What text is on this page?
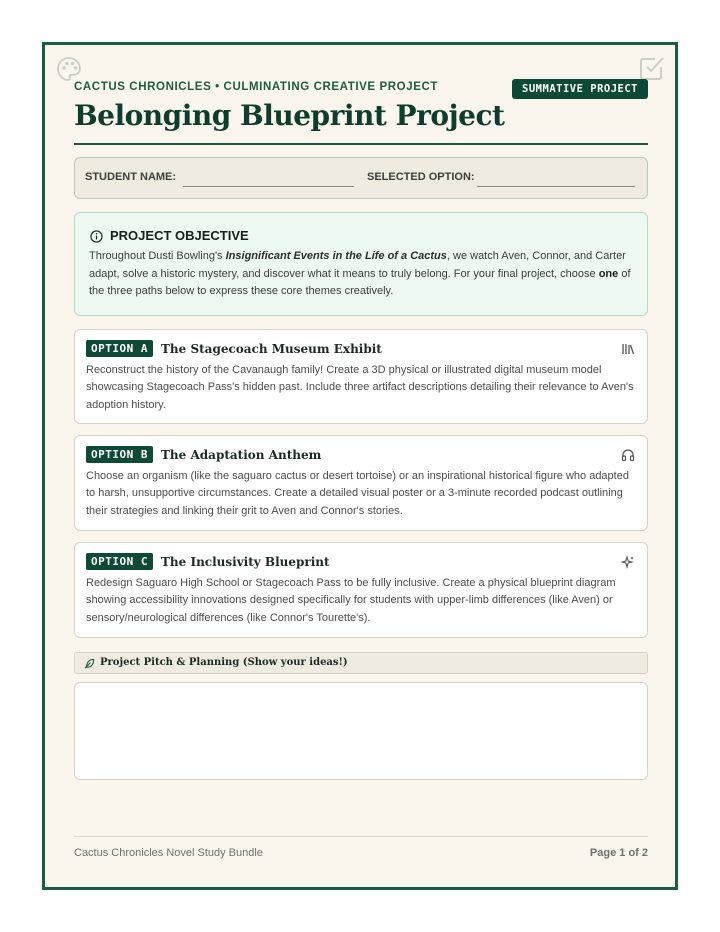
CACTUS CHRONICLES • CULMINATING CREATIVE PROJECT	SUMMATIVE PROJECT
Belonging Blueprint Project
STUDENT NAME:	SELECTED OPTION:
PROJECT OBJECTIVE

Throughout Dusti Bowling's Insignificant Events in the Life of a Cactus, we watch Aven, Connor, and Carter adapt, solve a historic mystery, and discover what it means to truly belong. For your final project, choose one of the three paths below to express these core themes creatively.

OPTION A	The Stagecoach Museum Exhibit

Reconstruct the history of the Cavanaugh family! Create a 3D physical or illustrated digital museum model showcasing Stagecoach Pass's hidden past. Include three artifact descriptions detailing their relevance to Aven's adoption history.

OPTION B	The Adaptation Anthem

Choose an organism (like the saguaro cactus or desert tortoise) or an inspirational historical figure who adapted to harsh, unsupportive circumstances. Create a detailed visual poster or a 3-minute recorded podcast outlining their strategies and linking their grit to Aven and Connor's stories.

OPTION C	The Inclusivity Blueprint

Redesign Saguaro High School or Stagecoach Pass to be fully inclusive. Create a physical blueprint diagram showing accessibility innovations designed specifically for students with upper-limb differences (like Aven) or sensory/neurological differences (like Connor's Tourette's).

Project Pitch & Planning (Show your ideas!)
Cactus Chronicles Novel Study Bundle	Page 1 of 2
